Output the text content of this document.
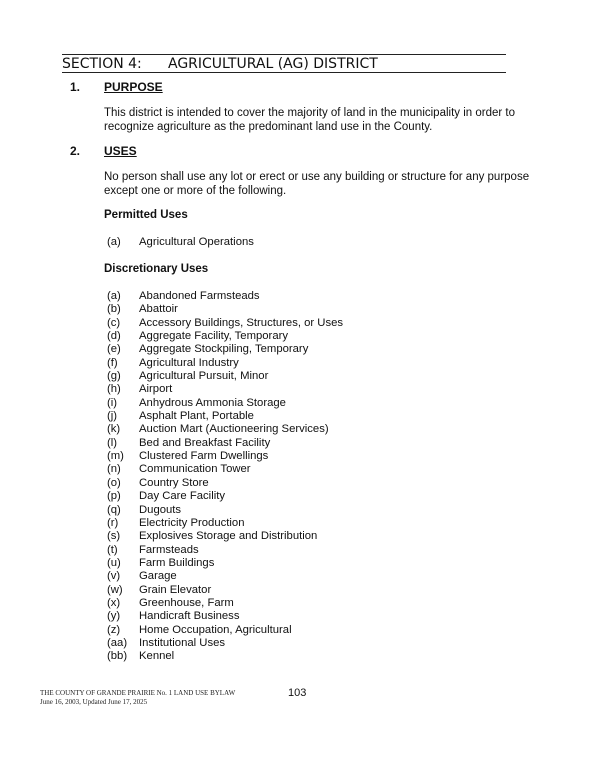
SECTION 4: AGRICULTURAL (AG) DISTRICT
1. PURPOSE
This district is intended to cover the majority of land in the municipality in order to recognize agriculture as the predominant land use in the County.
2. USES
No person shall use any lot or erect or use any building or structure for any purpose except one or more of the following.
Permitted Uses
(a) Agricultural Operations
Discretionary Uses
(a) Abandoned Farmsteads
(b) Abattoir
(c) Accessory Buildings, Structures, or Uses
(d) Aggregate Facility, Temporary
(e) Aggregate Stockpiling, Temporary
(f) Agricultural Industry
(g) Agricultural Pursuit, Minor
(h) Airport
(i) Anhydrous Ammonia Storage
(j) Asphalt Plant, Portable
(k) Auction Mart (Auctioneering Services)
(l) Bed and Breakfast Facility
(m) Clustered Farm Dwellings
(n) Communication Tower
(o) Country Store
(p) Day Care Facility
(q) Dugouts
(r) Electricity Production
(s) Explosives Storage and Distribution
(t) Farmsteads
(u) Farm Buildings
(v) Garage
(w) Grain Elevator
(x) Greenhouse, Farm
(y) Handicraft Business
(z) Home Occupation, Agricultural
(aa) Institutional Uses
(bb) Kennel
THE COUNTY OF GRANDE PRAIRIE No. 1 LAND USE BYLAW
June 16, 2003, Updated June 17, 2025
103
